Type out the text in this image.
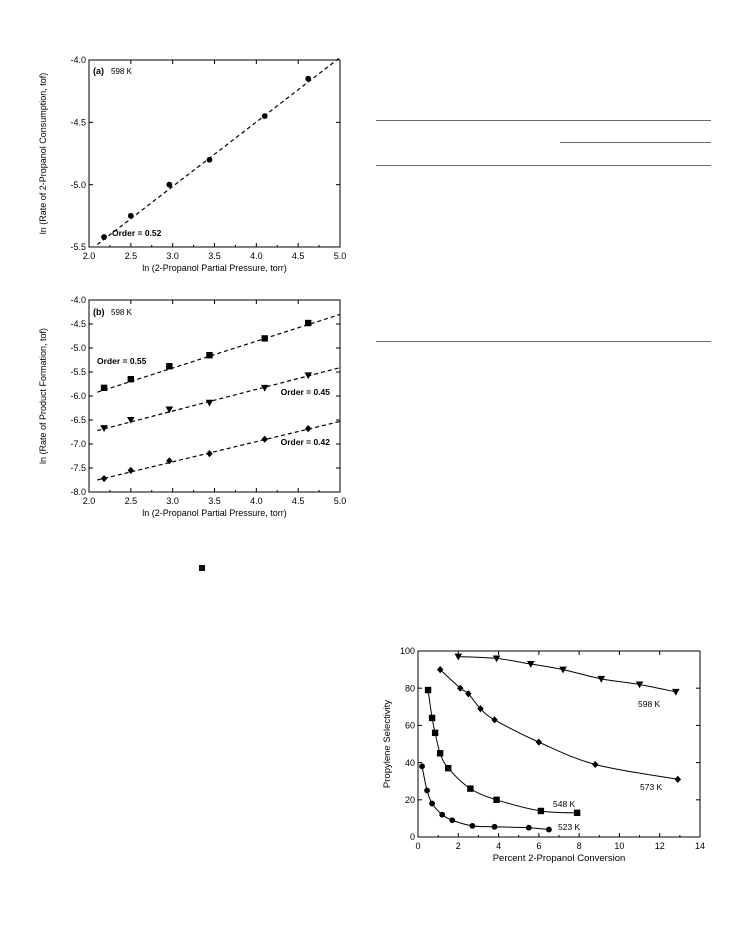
2.0	2.5	3.0	3.5	4.0	4.5	5.0
-4.0
-4.5
-5.0
-5.5
ln (2-Propanol Partial Pressure, torr)
ln (Rate of 2-Propanol Consumption, tof)
(a) 598 K
Order = 0.52
2.0	2.5	3.0	3.5	4.0	4.5	5.0
-4.0
-4.5
-5.0
-5.5
-6.0
-6.5
-7.0
-7.5
-8.0
ln (2-Propanol Partial Pressure, torr)
ln (Rate of Product Formation, tof)
(b) 598 K
Order = 0.55
Order = 0.45
Order = 0.42
0	2	4	6	8	10	12	14
0
20
40
60
80
100
Percent 2-Propanol Conversion
Propylene Selectivity	598 K
573 K
548 K
523 K
